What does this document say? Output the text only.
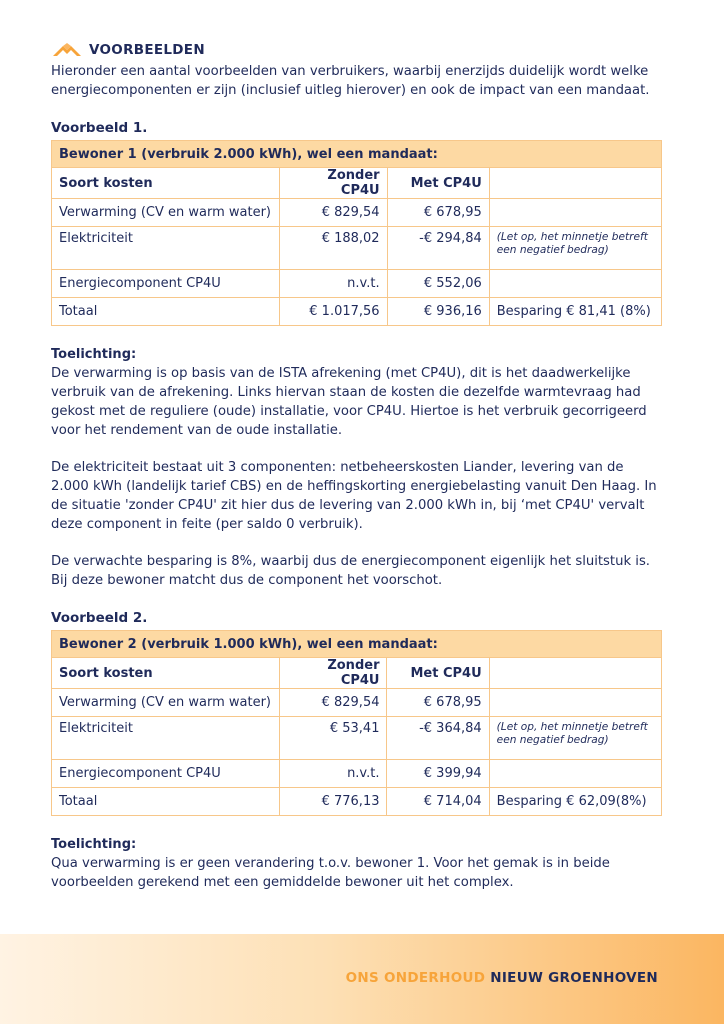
VOORBEELDEN
Hieronder een aantal voorbeelden van verbruikers, waarbij enerzijds duidelijk wordt welke energiecomponenten er zijn (inclusief uitleg hierover) en ook de impact van een mandaat.
Voorbeeld 1.
Bewoner 1 (verbruik 2.000 kWh), wel een mandaat:			
Soort kosten	Zonder CP4U	Met CP4U	
Verwarming (CV en warm water)	€ 829,54	€ 678,95	
Elektriciteit	€ 188,02	-€ 294,84	(Let op, het minnetje betreft een negatief bedrag)
Energiecomponent CP4U	n.v.t.	€ 552,06	
Totaal	€ 1.017,56	€ 936,16	Besparing € 81,41 (8%)
Toelichting:
De verwarming is op basis van de ISTA afrekening (met CP4U), dit is het daadwerkelijke verbruik van de afrekening. Links hiervan staan de kosten die dezelfde warmtevraag had gekost met de reguliere (oude) installatie, voor CP4U. Hiertoe is het verbruik gecorrigeerd voor het rendement van de oude installatie.
De elektriciteit bestaat uit 3 componenten: netbeheerskosten Liander, levering van de 2.000 kWh (landelijk tarief CBS) en de heffingskorting energiebelasting vanuit Den Haag. In de situatie 'zonder CP4U' zit hier dus de levering van 2.000 kWh in, bij ‘met CP4U' vervalt deze component in feite (per saldo 0 verbruik).
De verwachte besparing is 8%, waarbij dus de energiecomponent eigenlijk het sluitstuk is. Bij deze bewoner matcht dus de component het voorschot.
Voorbeeld 2.
Bewoner 2 (verbruik 1.000 kWh), wel een mandaat:			
Soort kosten	Zonder CP4U	Met CP4U	
Verwarming (CV en warm water)	€ 829,54	€ 678,95	
Elektriciteit	€ 53,41	-€ 364,84	(Let op, het minnetje betreft een negatief bedrag)
Energiecomponent CP4U	n.v.t.	€ 399,94	
Totaal	€ 776,13	€ 714,04	Besparing € 62,09(8%)
Toelichting:
Qua verwarming is er geen verandering t.o.v. bewoner 1. Voor het gemak is in beide voorbeelden gerekend met een gemiddelde bewoner uit het complex.
ONS ONDERHOUD NIEUW GROENHOVEN
